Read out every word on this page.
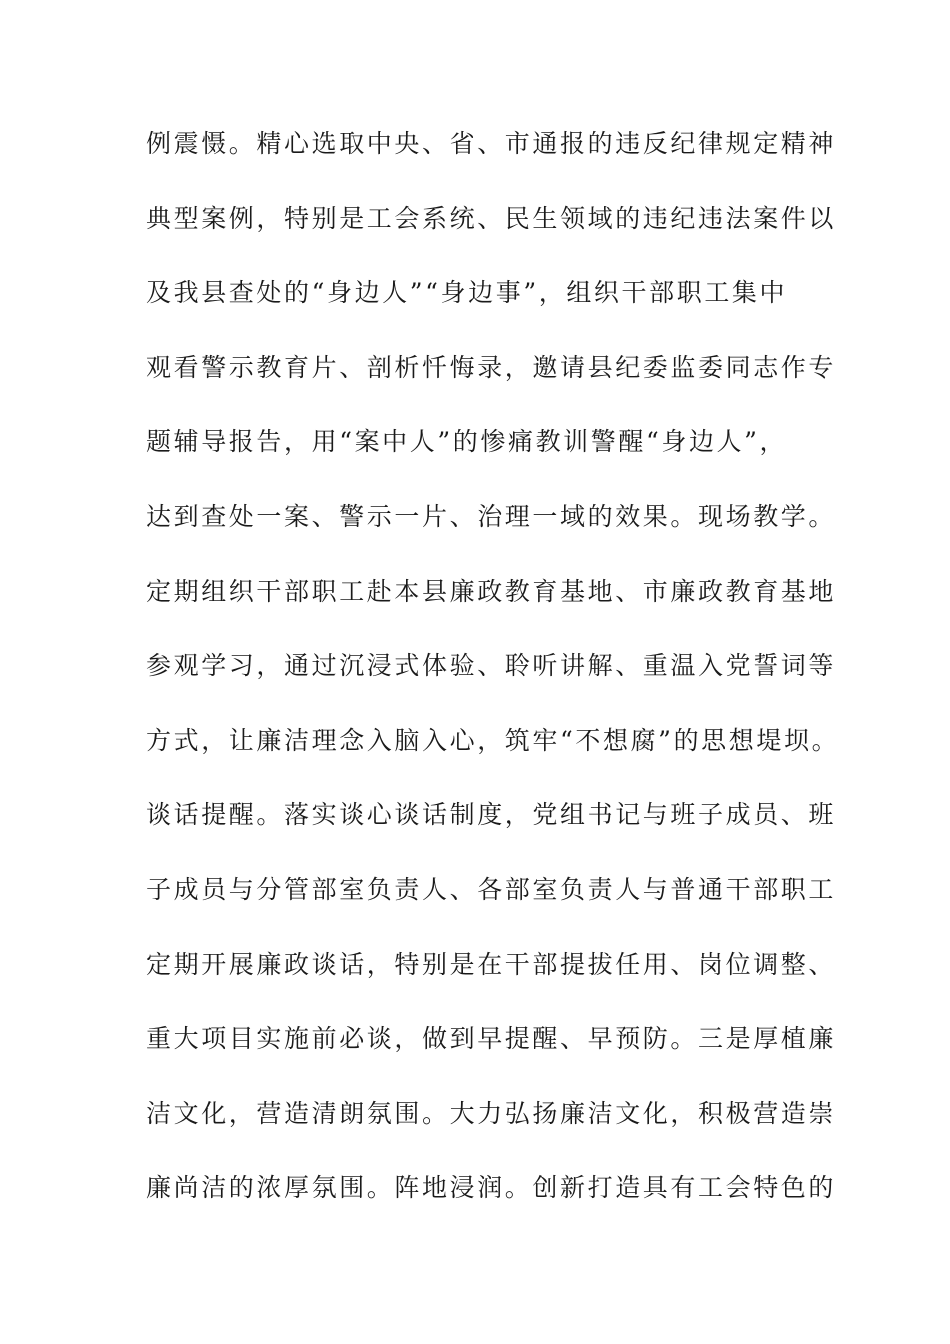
例震慑。精心选取中央、省、市通报的违反纪律规定精神
典型案例，特别是工会系统、民生领域的违纪违法案件以
及我县查处的“身边人”“身边事”，组织干部职工集中
观看警示教育片、剖析忏悔录，邀请县纪委监委同志作专
题辅导报告，用“案中人”的惨痛教训警醒“身边人”，
达到查处一案、警示一片、治理一域的效果。现场教学。
定期组织干部职工赴本县廉政教育基地、市廉政教育基地
参观学习，通过沉浸式体验、聆听讲解、重温入党誓词等
方式，让廉洁理念入脑入心，筑牢“不想腐”的思想堤坝。
谈话提醒。落实谈心谈话制度，党组书记与班子成员、班
子成员与分管部室负责人、各部室负责人与普通干部职工
定期开展廉政谈话，特别是在干部提拔任用、岗位调整、
重大项目实施前必谈，做到早提醒、早预防。三是厚植廉
洁文化，营造清朗氛围。大力弘扬廉洁文化，积极营造崇
廉尚洁的浓厚氛围。阵地浸润。创新打造具有工会特色的
